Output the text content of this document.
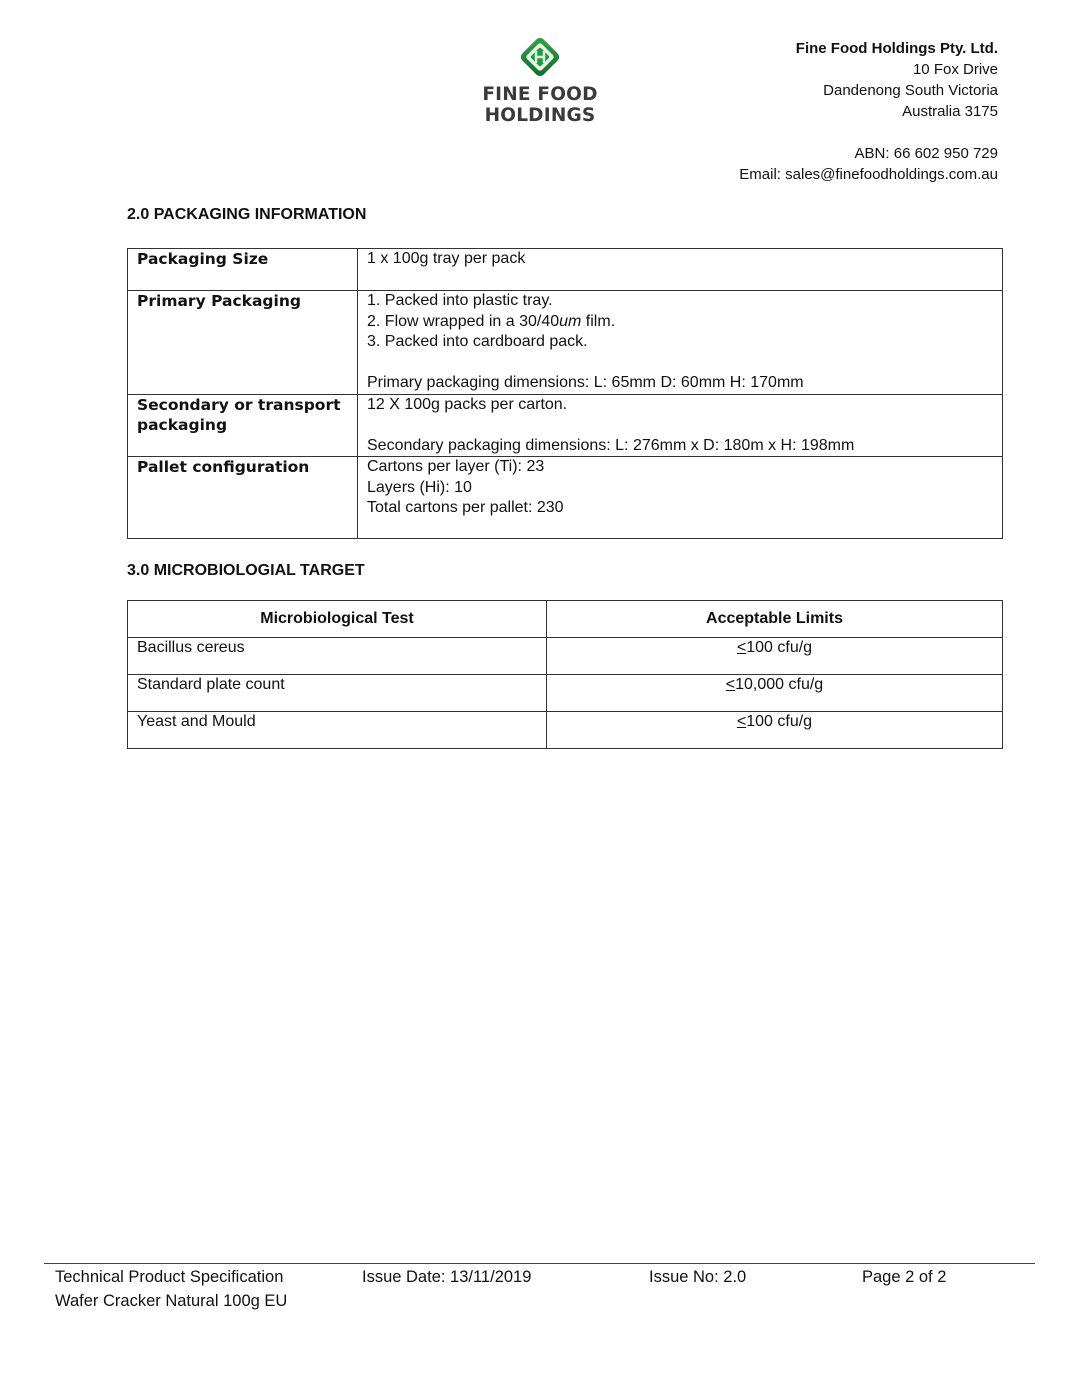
FINE FOOD HOLDINGS
Fine Food Holdings Pty. Ltd.
10 Fox Drive
Dandenong South Victoria
Australia 3175
ABN: 66 602 950 729
Email: sales@finefoodholdings.com.au
2.0 PACKAGING INFORMATION
Packaging Size	1 x 100g tray per pack

Primary Packaging	1. Packed into plastic tray.
2. Flow wrapped in a 30/40um film.
3. Packed into cardboard pack.
Primary packaging dimensions: L: 65mm D: 60mm H: 170mm

Secondary or transport packaging	12 X 100g packs per carton.
Secondary packaging dimensions: L: 276mm x D: 180m x H: 198mm

Pallet configuration	Cartons per layer (Ti): 23
Layers (Hi): 10
Total cartons per pallet: 230
3.0 MICROBIOLOGIAL TARGET
Microbiological Test	Acceptable Limits
Bacillus cereus	<100 cfu/g
Standard plate count	<10,000 cfu/g
Yeast and Mould	<100 cfu/g
Technical Product Specification
Wafer Cracker Natural 100g EU
Issue Date: 13/11/2019	Issue No: 2.0	Page 2 of 2
